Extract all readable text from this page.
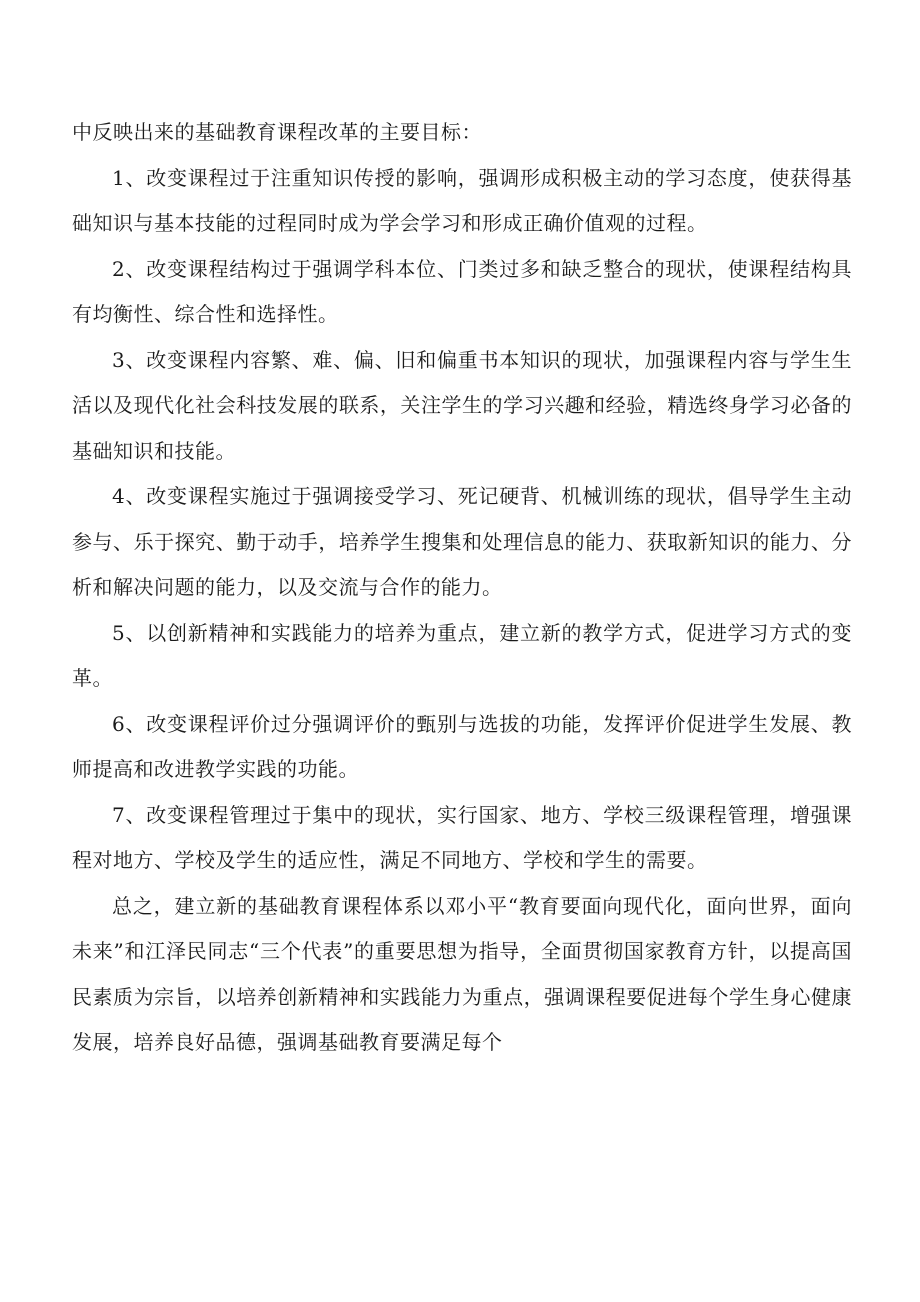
中反映出来的基础教育课程改革的主要目标：

1、改变课程过于注重知识传授的影响，强调形成积极主动的学习态度，使获得基础知识与基本技能的过程同时成为学会学习和形成正确价值观的过程。

2、改变课程结构过于强调学科本位、门类过多和缺乏整合的现状，使课程结构具有均衡性、综合性和选择性。

3、改变课程内容繁、难、偏、旧和偏重书本知识的现状，加强课程内容与学生生活以及现代化社会科技发展的联系，关注学生的学习兴趣和经验，精选终身学习必备的基础知识和技能。

4、改变课程实施过于强调接受学习、死记硬背、机械训练的现状，倡导学生主动参与、乐于探究、勤于动手，培养学生搜集和处理信息的能力、获取新知识的能力、分析和解决问题的能力，以及交流与合作的能力。

5、以创新精神和实践能力的培养为重点，建立新的教学方式，促进学习方式的变革。

6、改变课程评价过分强调评价的甄别与选拔的功能，发挥评价促进学生发展、教师提高和改进教学实践的功能。

7、改变课程管理过于集中的现状，实行国家、地方、学校三级课程管理，增强课程对地方、学校及学生的适应性，满足不同地方、学校和学生的需要。

总之，建立新的基础教育课程体系以邓小平“教育要面向现代化，面向世界，面向未来”和江泽民同志“三个代表”的重要思想为指导，全面贯彻国家教育方针，以提高国民素质为宗旨，以培养创新精神和实践能力为重点，强调课程要促进每个学生身心健康发展，培养良好品德，强调基础教育要满足每个
